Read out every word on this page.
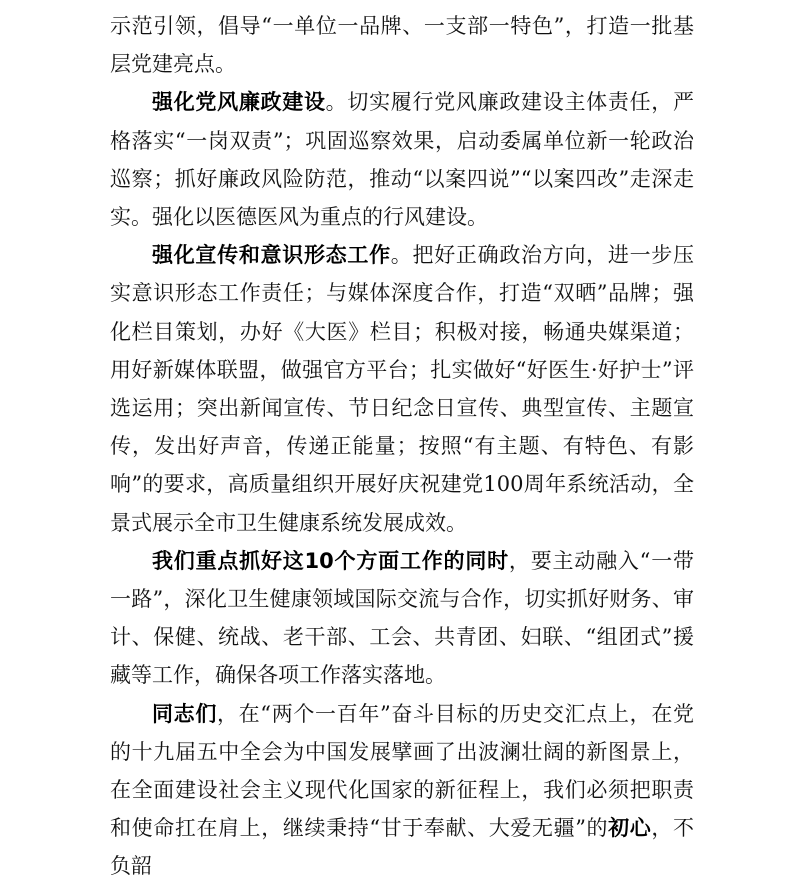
示范引领，倡导“一单位一品牌、一支部一特色”，打造一批基层党建亮点。

强化党风廉政建设。切实履行党风廉政建设主体责任，严格落实“一岗双责”；巩固巡察效果，启动委属单位新一轮政治巡察；抓好廉政风险防范，推动“以案四说”“以案四改”走深走实。强化以医德医风为重点的行风建设。

强化宣传和意识形态工作。把好正确政治方向，进一步压实意识形态工作责任；与媒体深度合作，打造“双晒”品牌；强化栏目策划，办好《大医》栏目；积极对接，畅通央媒渠道；用好新媒体联盟，做强官方平台；扎实做好“好医生·好护士”评选运用；突出新闻宣传、节日纪念日宣传、典型宣传、主题宣传，发出好声音，传递正能量；按照“有主题、有特色、有影响”的要求，高质量组织开展好庆祝建党100周年系统活动，全景式展示全市卫生健康系统发展成效。

我们重点抓好这10个方面工作的同时，要主动融入“一带一路”，深化卫生健康领域国际交流与合作，切实抓好财务、审计、保健、统战、老干部、工会、共青团、妇联、“组团式”援藏等工作，确保各项工作落实落地。

同志们，在“两个一百年”奋斗目标的历史交汇点上，在党的十九届五中全会为中国发展擘画了出波澜壮阔的新图景上，在全面建设社会主义现代化国家的新征程上，我们必须把职责和使命扛在肩上，继续秉持“甘于奉献、大爱无疆”的初心，不负韶
